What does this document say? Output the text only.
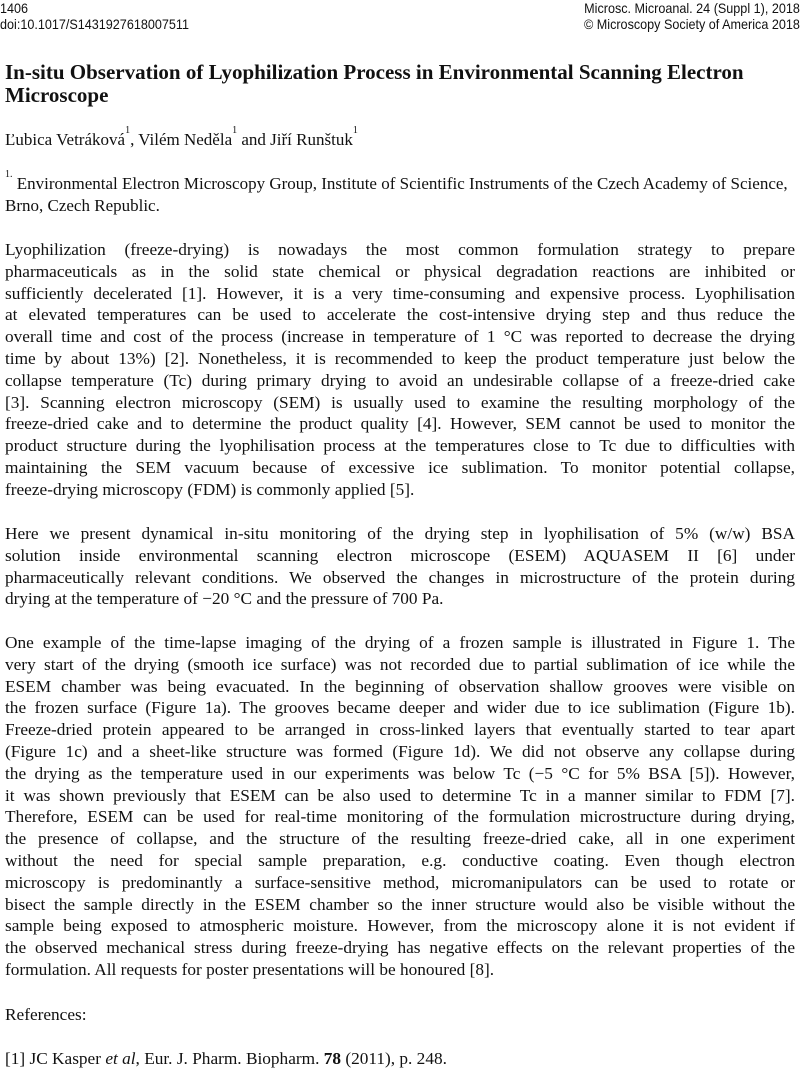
1406
doi:10.1017/S1431927618007511
Microsc. Microanal. 24 (Suppl 1), 2018
© Microscopy Society of America 2018
In-situ Observation of Lyophilization Process in Environmental Scanning Electron Microscope
Ľubica Vetráková$^1$, Vilém Neděla$^1$ and Jiří Runštuk$^1$
$^{1.}$ Environmental Electron Microscopy Group, Institute of Scientific Instruments of the Czech Academy of Science, Brno, Czech Republic.
Lyophilization (freeze-drying) is nowadays the most common formulation strategy to prepare
pharmaceuticals as in the solid state chemical or physical degradation reactions are inhibited or
sufficiently decelerated [1]. However, it is a very time-consuming and expensive process. Lyophilisation
at elevated temperatures can be used to accelerate the cost-intensive drying step and thus reduce the
overall time and cost of the process (increase in temperature of 1 °C was reported to decrease the drying
time by about 13%) [2]. Nonetheless, it is recommended to keep the product temperature just below the
collapse temperature (Tc) during primary drying to avoid an undesirable collapse of a freeze-dried cake
[3]. Scanning electron microscopy (SEM) is usually used to examine the resulting morphology of the
freeze-dried cake and to determine the product quality [4]. However, SEM cannot be used to monitor the
product structure during the lyophilisation process at the temperatures close to Tc due to difficulties with
maintaining the SEM vacuum because of excessive ice sublimation. To monitor potential collapse,
freeze-drying microscopy (FDM) is commonly applied [5].
Here we present dynamical in-situ monitoring of the drying step in lyophilisation of 5% (w/w) BSA
solution inside environmental scanning electron microscope (ESEM) AQUASEM II [6] under
pharmaceutically relevant conditions. We observed the changes in microstructure of the protein during
drying at the temperature of −20 °C and the pressure of 700 Pa.
One example of the time-lapse imaging of the drying of a frozen sample is illustrated in Figure 1. The
very start of the drying (smooth ice surface) was not recorded due to partial sublimation of ice while the
ESEM chamber was being evacuated. In the beginning of observation shallow grooves were visible on
the frozen surface (Figure 1a). The grooves became deeper and wider due to ice sublimation (Figure 1b).
Freeze-dried protein appeared to be arranged in cross-linked layers that eventually started to tear apart
(Figure 1c) and a sheet-like structure was formed (Figure 1d). We did not observe any collapse during
the drying as the temperature used in our experiments was below Tc (−5 °C for 5% BSA [5]). However,
it was shown previously that ESEM can be also used to determine Tc in a manner similar to FDM [7].
Therefore, ESEM can be used for real-time monitoring of the formulation microstructure during drying,
the presence of collapse, and the structure of the resulting freeze-dried cake, all in one experiment
without the need for special sample preparation, e.g. conductive coating. Even though electron
microscopy is predominantly a surface-sensitive method, micromanipulators can be used to rotate or
bisect the sample directly in the ESEM chamber so the inner structure would also be visible without the
sample being exposed to atmospheric moisture. However, from the microscopy alone it is not evident if
the observed mechanical stress during freeze-drying has negative effects on the relevant properties of the
formulation. All requests for poster presentations will be honoured [8].
References:
[1] JC Kasper et al, Eur. J. Pharm. Biopharm. 78 (2011), p. 248.
